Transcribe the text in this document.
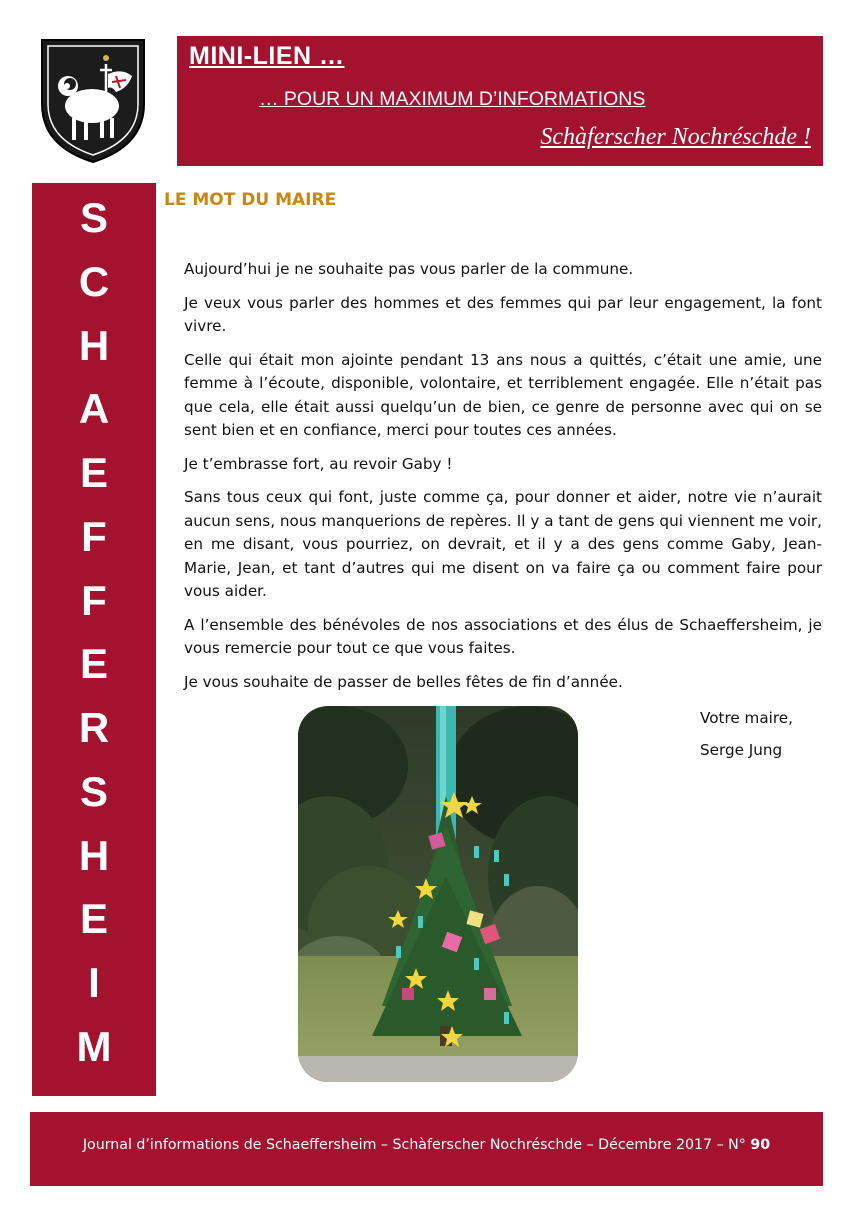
MINI-LIEN …

… POUR UN MAXIMUM D’INFORMATIONS

Schàferscher Nochréschde !

S
C
H
A
E
F
F
E
R
S
H
E
I
M
LE MOT DU MAIRE

Aujourd’hui je ne souhaite pas vous parler de la commune.

Je veux vous parler des hommes et des femmes qui par leur engagement, la font vivre.

Celle qui était mon ajointe pendant 13 ans nous a quittés, c’était une amie, une femme à l’écoute, disponible, volontaire, et terriblement engagée. Elle n’était pas que cela, elle était aussi quelqu’un de bien, ce genre de personne avec qui on se sent bien et en confiance, merci pour toutes ces années.

Je t’embrasse fort, au revoir Gaby !

Sans tous ceux qui font, juste comme ça, pour donner et aider, notre vie n’aurait aucun sens, nous manquerions de repères. Il y a tant de gens qui viennent me voir, en me disant, vous pourriez, on devrait, et il y a des gens comme Gaby, Jean-Marie, Jean, et tant d’autres qui me disent on va faire ça ou comment faire pour vous aider.

A l’ensemble des bénévoles de nos associations et des élus de Schaeffersheim, je vous remercie pour tout ce que vous faites.

Je vous souhaite de passer de belles fêtes de fin d’année.

Votre maire,
Serge Jung
Journal d’informations de Schaeffersheim – Schàferscher Nochréschde – Décembre 2017 – N° 90
